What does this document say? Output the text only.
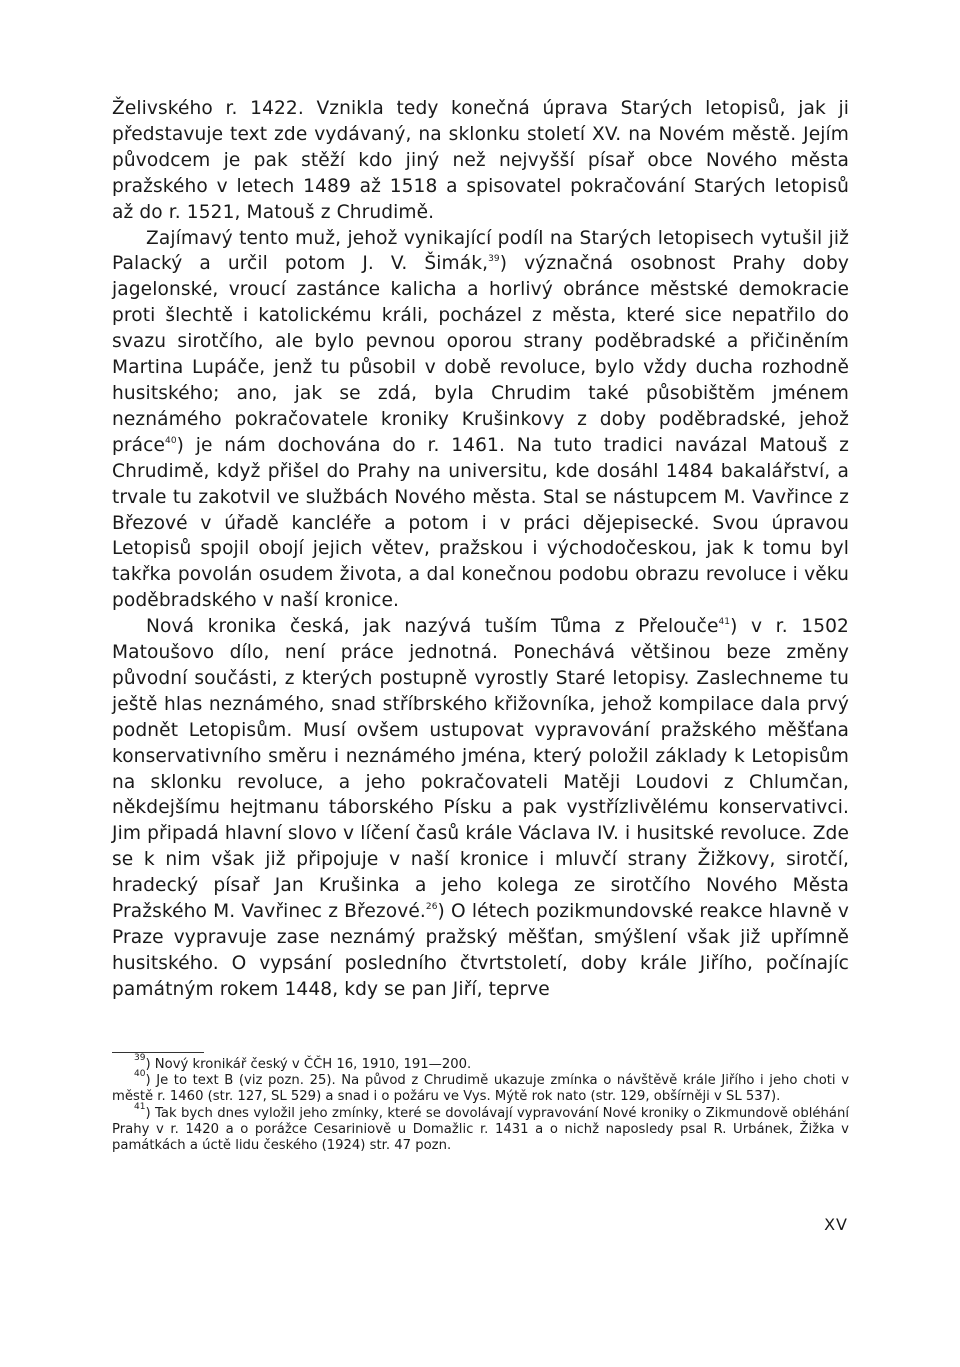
Želivského r. 1422. Vznikla tedy konečná úprava Starých letopisů, jak ji představuje text zde vydávaný, na sklonku století XV. na Novém městě. Jejím původcem je pak stěží kdo jiný než nejvyšší písař obce Nového města pražského v letech 1489 až 1518 a spisovatel pokračování Starých letopisů až do r. 1521, Matouš z Chrudimě.

Zajímavý tento muž, jehož vynikající podíl na Starých letopisech vytušil již Palacký a určil potom J. V. Šimák,$^{39}$) význačná osobnost Prahy doby jagelonské, vroucí zastánce kalicha a horlivý obránce městské demokracie proti šlechtě i katolickému králi, pocházel z města, které sice nepatřilo do svazu sirotčího, ale bylo pevnou oporou strany poděbradské a přičiněním Martina Lupáče, jenž tu působil v době revoluce, bylo vždy ducha rozhodně husitského; ano, jak se zdá, byla Chrudim také působištěm jménem neznámého pokračovatele kroniky Krušinkovy z doby poděbradské, jehož práce$^{40}$) je nám dochována do r. 1461. Na tuto tradici navázal Matouš z Chrudimě, když přišel do Prahy na universitu, kde dosáhl 1484 bakalářství, a trvale tu zakotvil ve službách Nového města. Stal se nástupcem M. Vavřince z Březové v úřadě kancléře a potom i v práci dějepisecké. Svou úpravou Letopisů spojil obojí jejich větev, pražskou i východočeskou, jak k tomu byl takřka povolán osudem života, a dal konečnou podobu obrazu revoluce i věku poděbradského v naší kronice.

Nová kronika česká, jak nazývá tuším Tůma z Přelouče$^{41}$) v r. 1502 Matoušovo dílo, není práce jednotná. Ponechává většinou beze změny původní součásti, z kterých postupně vyrostly Staré letopisy. Zaslechneme tu ještě hlas neznámého, snad stříbrského křižovníka, jehož kompilace dala prvý podnět Letopisům. Musí ovšem ustupovat vypravování pražského měšťana konservativního směru i neznámého jména, který položil základy k Letopisům na sklonku revoluce, a jeho pokračovateli Matěji Loudovi z Chlumčan, někdejšímu hejtmanu táborského Písku a pak vystřízlivělému konservativci. Jim připadá hlavní slovo v líčení časů krále Václava IV. i husitské revoluce. Zde se k nim však již připojuje v naší kronice i mluvčí strany Žižkovy, sirotčí, hradecký písař Jan Krušinka a jeho kolega ze sirotčího Nového Města Pražského M. Vavřinec z Březové.$^{26}$) O létech pozikmundovské reakce hlavně v Praze vypravuje zase neznámý pražský měšťan, smýšlení však již upřímně husitského. O vypsání posledního čtvrtstoletí, doby krále Jiřího, počínajíc památným rokem 1448, kdy se pan Jiří, teprve

$^{39}$) Nový kronikář český v ČČH 16, 1910, 191—200.

$^{40}$) Je to text B (viz pozn. 25). Na původ z Chrudimě ukazuje zmínka o návštěvě krále Jiřího i jeho choti v městě r. 1460 (str. 127, SL 529) a snad i o požáru ve Vys. Mýtě rok nato (str. 129, obšírněji v SL 537).

$^{41}$) Tak bych dnes vyložil jeho zmínky, které se dovolávají vypravování Nové kroniky o Zikmundově obléhání Prahy v r. 1420 a o porážce Cesariniově u Domažlic r. 1431 a o nichž naposledy psal R. Urbánek, Žižka v památkách a úctě lidu českého (1924) str. 47 pozn.

XV
